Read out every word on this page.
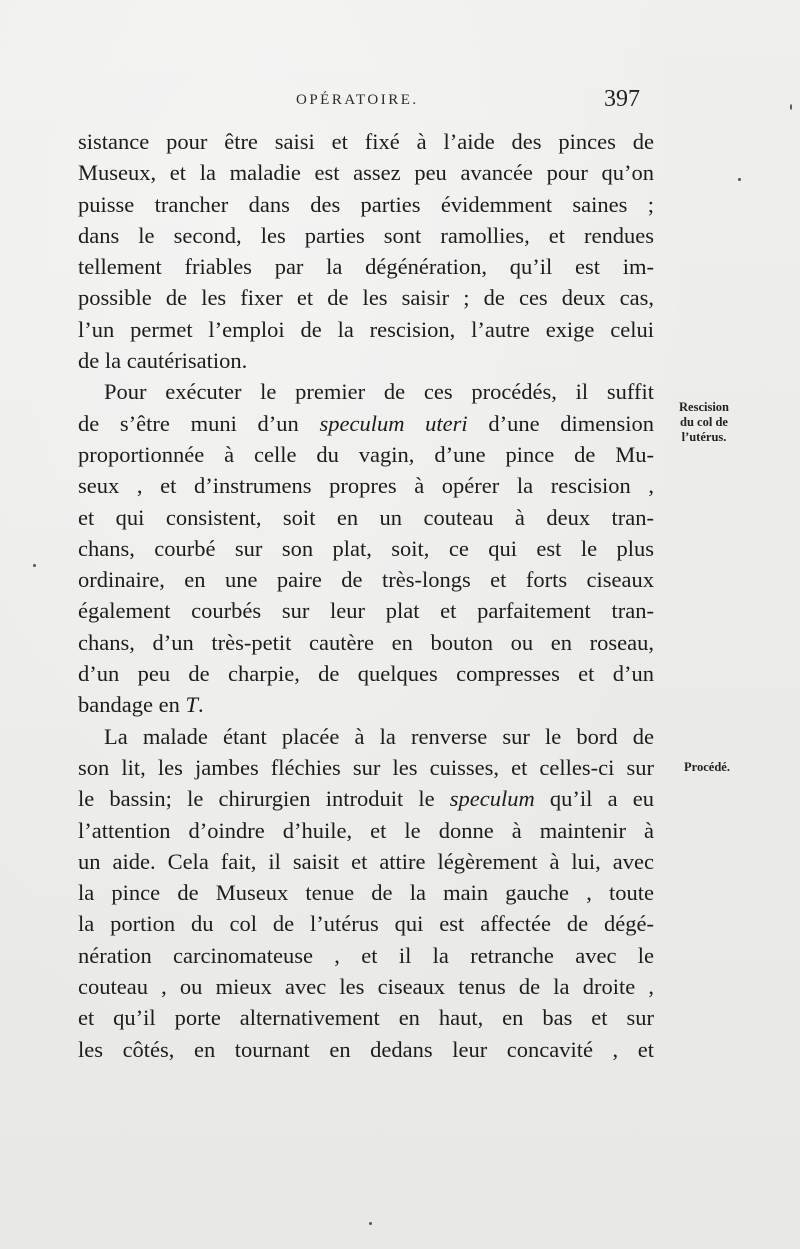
OPÉRATOIRE.	397

sistance pour être saisi et fixé à l’aide des pinces de
Museux, et la maladie est assez peu avancée pour qu’on
puisse trancher dans des parties évidemment saines ;
dans le second, les parties sont ramollies, et rendues
tellement friables par la dégénération, qu’il est im-
possible de les fixer et de les saisir ; de ces deux cas,
l’un permet l’emploi de la rescision, l’autre exige celui
de la cautérisation.

Pour exécuter le premier de ces procédés, il suffit
de s’être muni d’un speculum uteri d’une dimension
proportionnée à celle du vagin, d’une pince de Mu-
seux , et d’instrumens propres à opérer la rescision ,
et qui consistent, soit en un couteau à deux tran-
chans, courbé sur son plat, soit, ce qui est le plus
ordinaire, en une paire de très-longs et forts ciseaux
également courbés sur leur plat et parfaitement tran-
chans, d’un très-petit cautère en bouton ou en roseau,
d’un peu de charpie, de quelques compresses et d’un
bandage en T.

La malade étant placée à la renverse sur le bord de
son lit, les jambes fléchies sur les cuisses, et celles-ci sur
le bassin; le chirurgien introduit le speculum qu’il a eu
l’attention d’oindre d’huile, et le donne à maintenir à
un aide. Cela fait, il saisit et attire légèrement à lui, avec
la pince de Museux tenue de la main gauche , toute
la portion du col de l’utérus qui est affectée de dégé-
nération carcinomateuse , et il la retranche avec le
couteau , ou mieux avec les ciseaux tenus de la droite ,
et qu’il porte alternativement en haut, en bas et sur
les côtés, en tournant en dedans leur concavité , et

Rescision
du col de
l’utérus.
Procédé.
